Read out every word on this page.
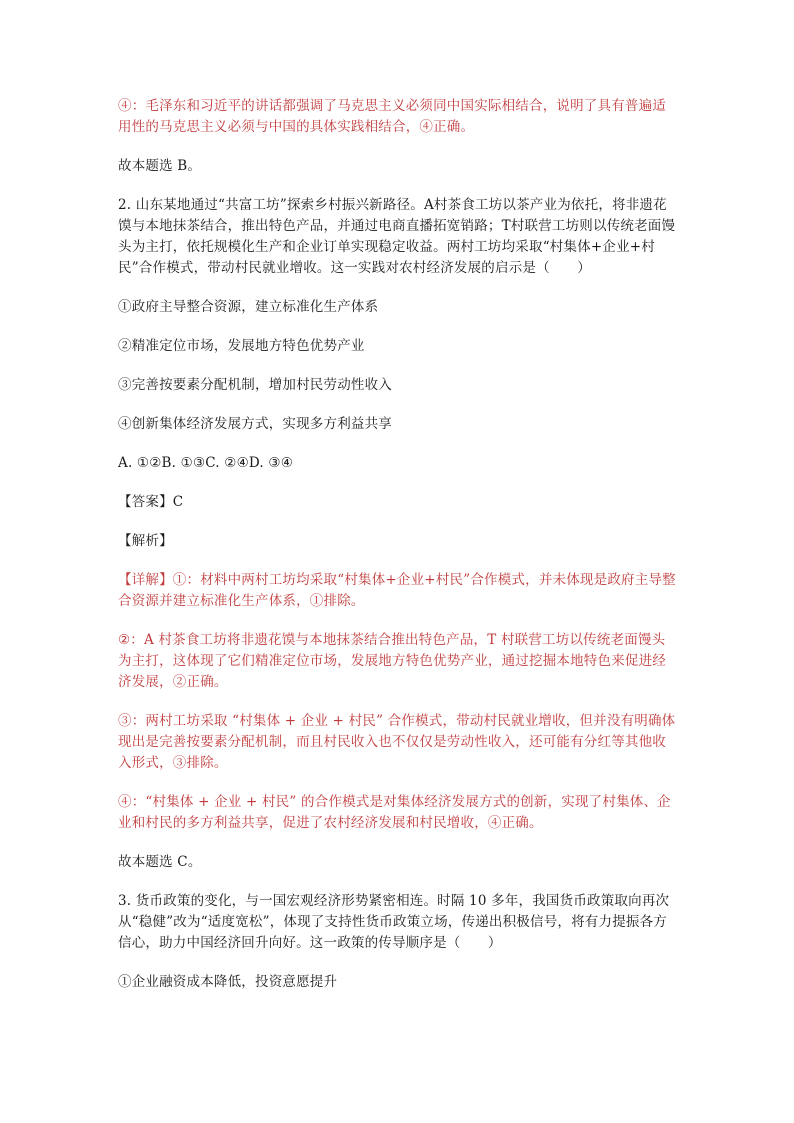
④：毛泽东和习近平的讲话都强调了马克思主义必须同中国实际相结合，说明了具有普遍适用性的马克思主义必须与中国的具体实践相结合，④正确。

故本题选 B。

2. 山东某地通过“共富工坊”探索乡村振兴新路径。A村茶食工坊以茶产业为依托，将非遗花馍与本地抹茶结合，推出特色产品，并通过电商直播拓宽销路；T村联营工坊则以传统老面馒头为主打，依托规模化生产和企业订单实现稳定收益。两村工坊均采取“村集体+企业+村民”合作模式，带动村民就业增收。这一实践对农村经济发展的启示是（　　）

①政府主导整合资源，建立标准化生产体系

②精准定位市场，发展地方特色优势产业

③完善按要素分配机制，增加村民劳动性收入

④创新集体经济发展方式，实现多方利益共享

A. ①②B. ①③C. ②④D. ③④

【答案】C

【解析】

【详解】①：材料中两村工坊均采取“村集体+企业+村民”合作模式，并未体现是政府主导整合资源并建立标准化生产体系，①排除。

②：A 村茶食工坊将非遗花馍与本地抹茶结合推出特色产品，T 村联营工坊以传统老面馒头为主打，这体现了它们精准定位市场，发展地方特色优势产业，通过挖掘本地特色来促进经济发展，②正确。

③：两村工坊采取 “村集体 + 企业 + 村民” 合作模式，带动村民就业增收，但并没有明确体现出是完善按要素分配机制，而且村民收入也不仅仅是劳动性收入，还可能有分红等其他收入形式，③排除。

④：“村集体 + 企业 + 村民” 的合作模式是对集体经济发展方式的创新，实现了村集体、企业和村民的多方利益共享，促进了农村经济发展和村民增收，④正确。

故本题选 C。

3. 货币政策的变化，与一国宏观经济形势紧密相连。时隔 10 多年，我国货币政策取向再次从“稳健”改为“适度宽松”，体现了支持性货币政策立场，传递出积极信号，将有力提振各方信心，助力中国经济回升向好。这一政策的传导顺序是（　　）

①企业融资成本降低，投资意愿提升
